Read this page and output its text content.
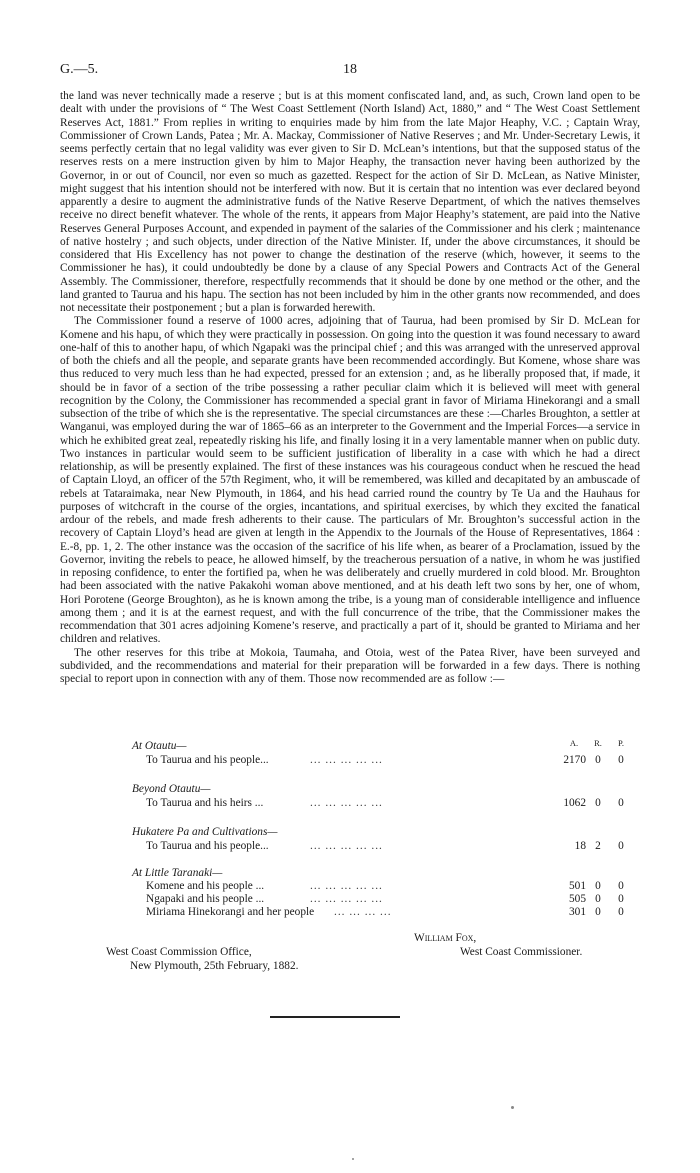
G.—5.	18

the land was never technically made a reserve ; but is at this moment confiscated land, and, as such, Crown land open to be dealt with under the provisions of “ The West Coast Settlement (North Island) Act, 1880,” and “ The West Coast Settlement Reserves Act, 1881.” From replies in writing to enquiries made by him from the late Major Heaphy, V.C. ; Captain Wray, Commissioner of Crown Lands, Patea ; Mr. A. Mackay, Commissioner of Native Reserves ; and Mr. Under-Secretary Lewis, it seems perfectly certain that no legal validity was ever given to Sir D. McLean’s intentions, but that the supposed status of the reserves rests on a mere instruction given by him to Major Heaphy, the transaction never having been authorized by the Governor, in or out of Council, nor even so much as gazetted. Respect for the action of Sir D. McLean, as Native Minister, might suggest that his intention should not be interfered with now. But it is certain that no intention was ever declared beyond apparently a desire to augment the administrative funds of the Native Reserve Department, of which the natives themselves receive no direct benefit whatever. The whole of the rents, it appears from Major Heaphy’s statement, are paid into the Native Reserves General Purposes Account, and expended in payment of the salaries of the Commissioner and his clerk ; maintenance of native hostelry ; and such objects, under direction of the Native Minister. If, under the above circumstances, it should be considered that His Excellency has not power to change the destination of the reserve (which, however, it seems to the Commissioner he has), it could undoubtedly be done by a clause of any Special Powers and Contracts Act of the General Assembly. The Commissioner, therefore, respectfully recommends that it should be done by one method or the other, and the land granted to Taurua and his hapu. The section has not been included by him in the other grants now recommended, and does not necessitate their postponement ; but a plan is forwarded herewith.

The Commissioner found a reserve of 1000 acres, adjoining that of Taurua, had been promised by Sir D. McLean for Komene and his hapu, of which they were practically in possession. On going into the question it was found necessary to award one-half of this to another hapu, of which Ngapaki was the principal chief ; and this was arranged with the unreserved approval of both the chiefs and all the people, and separate grants have been recommended accordingly. But Komene, whose share was thus reduced to very much less than he had expected, pressed for an extension ; and, as he liberally proposed that, if made, it should be in favor of a section of the tribe possessing a rather peculiar claim which it is believed will meet with general recognition by the Colony, the Commissioner has recommended a special grant in favor of Miriama Hinekorangi and a small subsection of the tribe of which she is the representative. The special circumstances are these :—Charles Broughton, a settler at Wanganui, was employed during the war of 1865–66 as an interpreter to the Government and the Imperial Forces—a service in which he exhibited great zeal, repeatedly risking his life, and finally losing it in a very lamentable manner when on public duty. Two instances in particular would seem to be sufficient justification of liberality in a case with which he had a direct relationship, as will be presently explained. The first of these instances was his courageous conduct when he rescued the head of Captain Lloyd, an officer of the 57th Regiment, who, it will be remembered, was killed and decapitated by an ambuscade of rebels at Tataraimaka, near New Plymouth, in 1864, and his head carried round the country by Te Ua and the Hauhaus for purposes of witchcraft in the course of the orgies, incantations, and spiritual exercises, by which they excited the fanatical ardour of the rebels, and made fresh adherents to their cause. The particulars of Mr. Broughton’s successful action in the recovery of Captain Lloyd’s head are given at length in the Appendix to the Journals of the House of Representatives, 1864 : E.-8, pp. 1, 2. The other instance was the occasion of the sacrifice of his life when, as bearer of a Proclamation, issued by the Governor, inviting the rebels to peace, he allowed himself, by the treacherous persuation of a native, in whom he was justified in reposing confidence, to enter the fortified pa, when he was deliberately and cruelly murdered in cold blood. Mr. Broughton had been associated with the native Pakakohi woman above mentioned, and at his death left two sons by her, one of whom, Hori Porotene (George Broughton), as he is known among the tribe, is a young man of considerable intelligence and influence among them ; and it is at the earnest request, and with the full concurrence of the tribe, that the Commissioner makes the recommendation that 301 acres adjoining Komene’s reserve, and practically a part of it, should be granted to Miriama and her children and relatives.

The other reserves for this tribe at Mokoia, Taumaha, and Otoia, west of the Patea River, have been surveyed and subdivided, and the recommendations and material for their preparation will be forwarded in a few days. There is nothing special to report upon in connection with any of them. Those now recommended are as follow :—

A.	R.	P.
At Otautu—
To Taurua and his people...	... ... ... ... ...	2170 0	0
Beyond Otautu—
To Taurua and his heirs ...	... ... ... ... ...	1062 0	0
Hukatere Pa and Cultivations—
To Taurua and his people...	... ... ... ... ...	18 2	0
At Little Taranaki—
Komene and his people ...	... ... ... ... ...	501 0	0
Ngapaki and his people ...	... ... ... ... ...	505 0	0
Miriama Hinekorangi and her people ... ... ... ...	301 0	0
William Fox,
West Coast Commissioner.
West Coast Commission Office,
New Plymouth, 25th February, 1882.
